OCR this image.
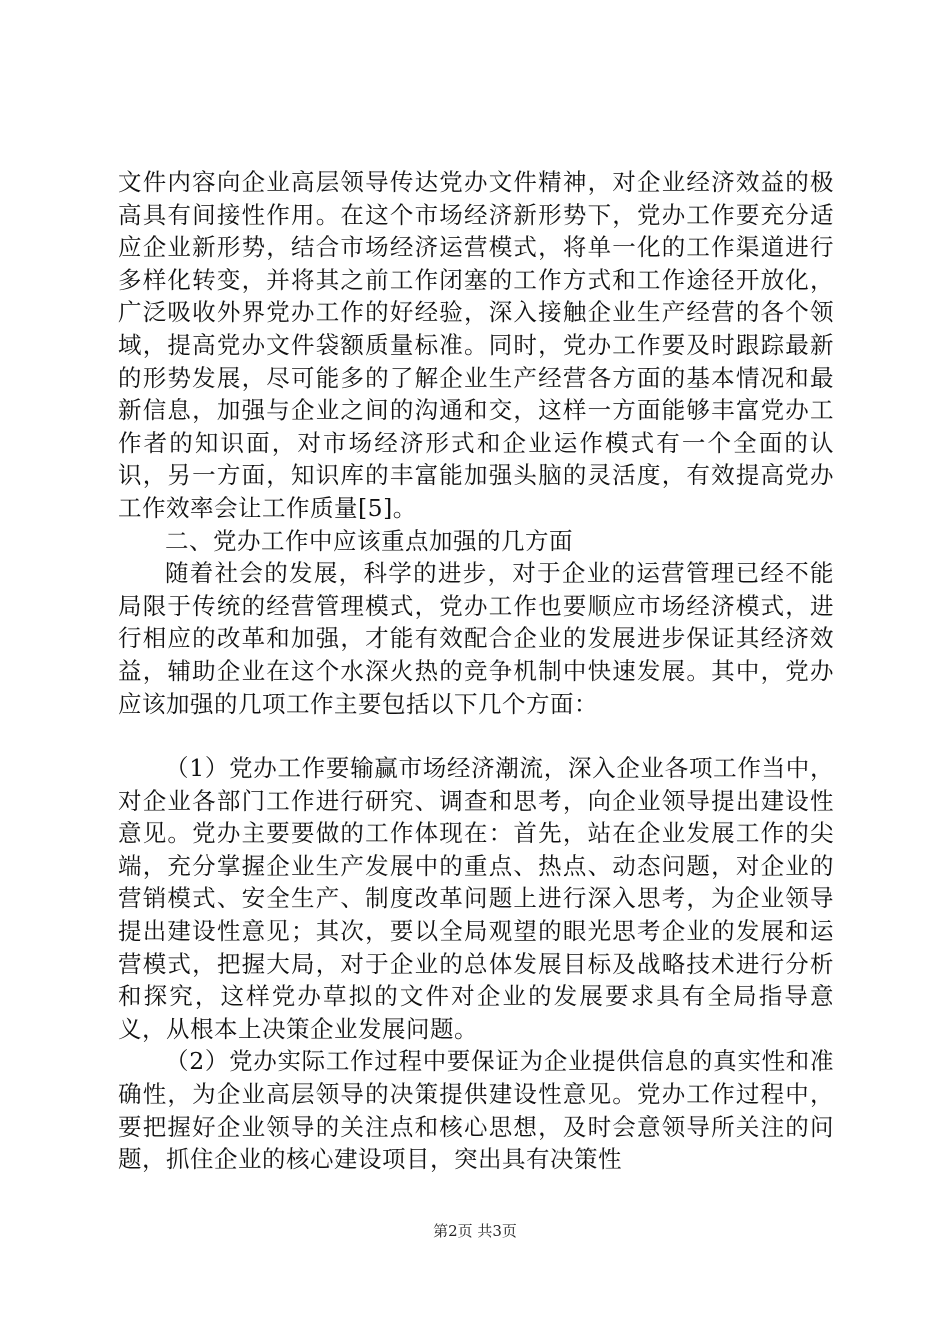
文件内容向企业高层领导传达党办文件精神，对企业经济效益的极高具有间接性作用。在这个市场经济新形势下，党办工作要充分适应企业新形势，结合市场经济运营模式，将单一化的工作渠道进行多样化转变，并将其之前工作闭塞的工作方式和工作途径开放化，广泛吸收外界党办工作的好经验，深入接触企业生产经营的各个领域，提高党办文件袋额质量标准。同时，党办工作要及时跟踪最新的形势发展，尽可能多的了解企业生产经营各方面的基本情况和最新信息，加强与企业之间的沟通和交，这样一方面能够丰富党办工作者的知识面，对市场经济形式和企业运作模式有一个全面的认识，另一方面，知识库的丰富能加强头脑的灵活度，有效提高党办工作效率会让工作质量[5]。

二、党办工作中应该重点加强的几方面

随着社会的发展，科学的进步，对于企业的运营管理已经不能局限于传统的经营管理模式，党办工作也要顺应市场经济模式，进行相应的改革和加强，才能有效配合企业的发展进步保证其经济效益，辅助企业在这个水深火热的竞争机制中快速发展。其中，党办应该加强的几项工作主要包括以下几个方面：

（1）党办工作要输赢市场经济潮流，深入企业各项工作当中，对企业各部门工作进行研究、调查和思考，向企业领导提出建设性意见。党办主要要做的工作体现在：首先，站在企业发展工作的尖端，充分掌握企业生产发展中的重点、热点、动态问题，对企业的营销模式、安全生产、制度改革问题上进行深入思考，为企业领导提出建设性意见；其次，要以全局观望的眼光思考企业的发展和运营模式，把握大局，对于企业的总体发展目标及战略技术进行分析和探究，这样党办草拟的文件对企业的发展要求具有全局指导意义，从根本上决策企业发展问题。

（2）党办实际工作过程中要保证为企业提供信息的真实性和准确性，为企业高层领导的决策提供建设性意见。党办工作过程中，要把握好企业领导的关注点和核心思想，及时会意领导所关注的问题，抓住企业的核心建设项目，突出具有决策性

第2页 共3页
